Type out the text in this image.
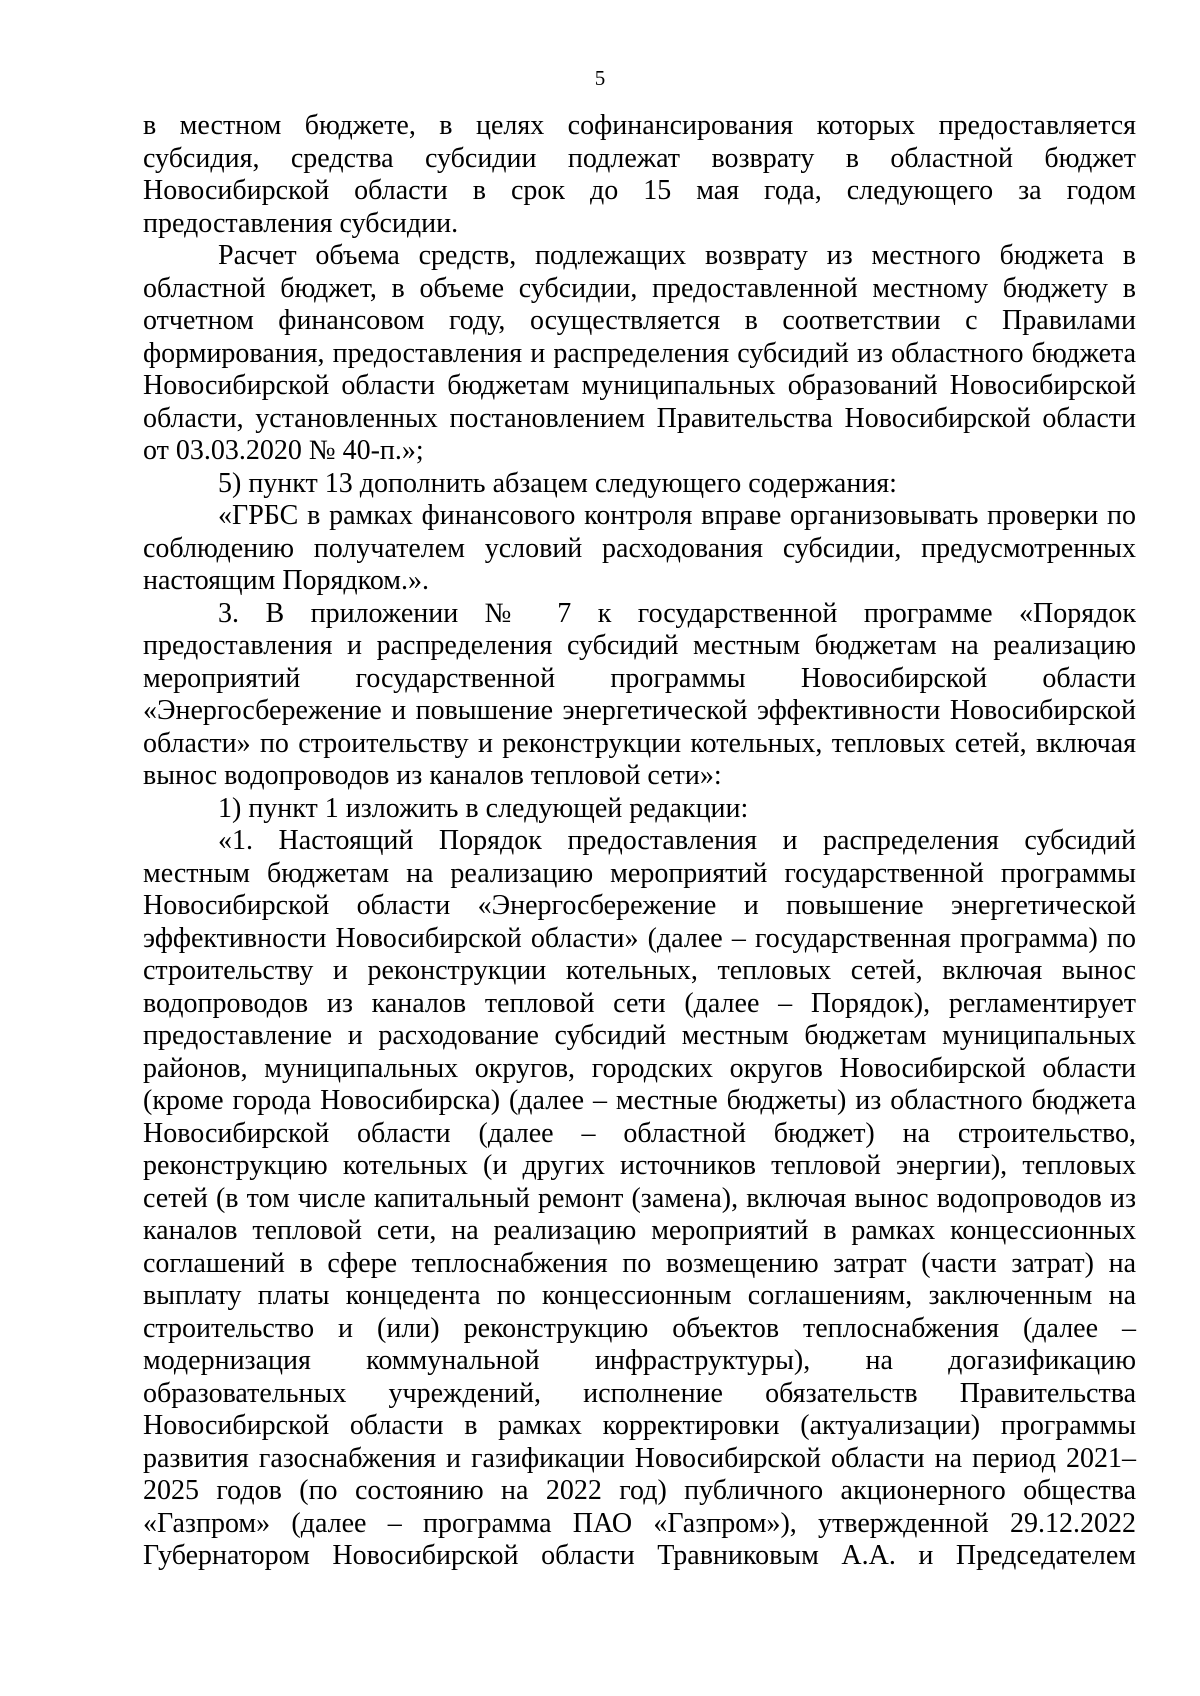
5

в местном бюджете, в целях софинансирования которых предоставляется субсидия, средства субсидии подлежат возврату в областной бюджет Новосибирской области в срок до 15 мая года, следующего за годом предоставления субсидии.

Расчет объема средств, подлежащих возврату из местного бюджета в областной бюджет, в объеме субсидии, предоставленной местному бюджету в отчетном финансовом году, осуществляется в соответствии с Правилами формирования, предоставления и распределения субсидий из областного бюджета Новосибирской области бюджетам муниципальных образований Новосибирской области, установленных постановлением Правительства Новосибирской области от 03.03.2020 № 40-п.»;

5) пункт 13 дополнить абзацем следующего содержания:

«ГРБС в рамках финансового контроля вправе организовывать проверки по соблюдению получателем условий расходования субсидии, предусмотренных настоящим Порядком.».

3. В приложении № 7 к государственной программе «Порядок предоставления и распределения субсидий местным бюджетам на реализацию мероприятий государственной программы Новосибирской области «Энергосбережение и повышение энергетической эффективности Новосибирской области» по строительству и реконструкции котельных, тепловых сетей, включая вынос водопроводов из каналов тепловой сети»:

1) пункт 1 изложить в следующей редакции:

«1. Настоящий Порядок предоставления и распределения субсидий местным бюджетам на реализацию мероприятий государственной программы Новосибирской области «Энергосбережение и повышение энергетической эффективности Новосибирской области» (далее – государственная программа) по строительству и реконструкции котельных, тепловых сетей, включая вынос водопроводов из каналов тепловой сети (далее – Порядок), регламентирует предоставление и расходование субсидий местным бюджетам муниципальных районов, муниципальных округов, городских округов Новосибирской области (кроме города Новосибирска) (далее – местные бюджеты) из областного бюджета Новосибирской области (далее – областной бюджет) на строительство, реконструкцию котельных (и других источников тепловой энергии), тепловых сетей (в том числе капитальный ремонт (замена), включая вынос водопроводов из каналов тепловой сети, на реализацию мероприятий в рамках концессионных соглашений в сфере теплоснабжения по возмещению затрат (части затрат) на выплату платы концедента по концессионным соглашениям, заключенным на строительство и (или) реконструкцию объектов теплоснабжения (далее – модернизация коммунальной инфраструктуры), на догазификацию образовательных учреждений, исполнение обязательств Правительства Новосибирской области в рамках корректировки (актуализации) программы развития газоснабжения и газификации Новосибирской области на период 2021–2025 годов (по состоянию на 2022 год) публичного акционерного общества «Газпром» (далее – программа ПАО «Газпром»), утвержденной 29.12.2022 Губернатором Новосибирской области Травниковым А.А. и Председателем
